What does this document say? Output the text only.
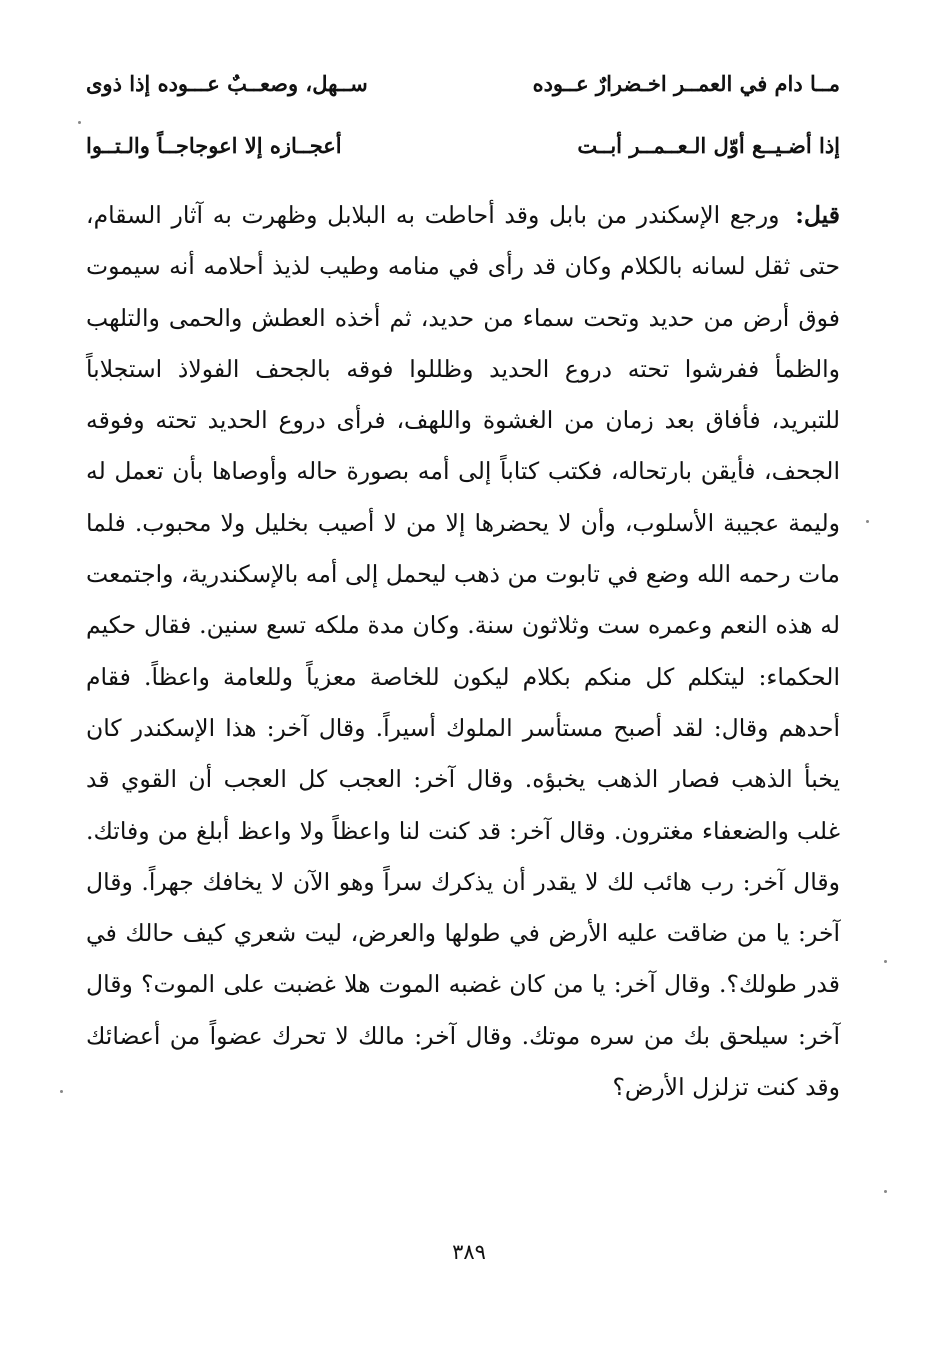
مــا دام في العمــر اخـضرارٌ عــوده
ســهل، وصعــبٌ عـــوده إذا ذوى
إذا أضـيــع أوّل الـعــمــر أبــت
أعجــازه إلا اعوجاجــاً والـتــوا
قيل: ورجع الإسكندر من بابل وقد أحاطت به البلابل وظهرت به آثار السقام، حتى ثقل لسانه بالكلام وكان قد رأى في منامه وطيب لذيذ أحلامه أنه سيموت فوق أرض من حديد وتحت سماء من حديد، ثم أخذه العطش والحمى والتلهب والظمأ ففرشوا تحته دروع الحديد وظللوا فوقه بالجحف الفولاذ استجلاباً للتبريد، فأفاق بعد زمان من الغشوة واللهف، فرأى دروع الحديد تحته وفوقه الجحف، فأيقن بارتحاله، فكتب كتاباً إلى أمه بصورة حاله وأوصاها بأن تعمل له وليمة عجيبة الأسلوب، وأن لا يحضرها إلا من لا أصيب بخليل ولا محبوب. فلما مات رحمه الله وضع في تابوت من ذهب ليحمل إلى أمه بالإسكندرية، واجتمعت له هذه النعم وعمره ست وثلاثون سنة. وكان مدة ملكه تسع سنين. فقال حكيم الحكماء: ليتكلم كل منكم بكلام ليكون للخاصة معزياً وللعامة واعظاً. فقام أحدهم وقال: لقد أصبح مستأسر الملوك أسيراً. وقال آخر: هذا الإسكندر كان يخبأ الذهب فصار الذهب يخبؤه. وقال آخر: العجب كل العجب أن القوي قد غلب والضعفاء مغترون. وقال آخر: قد كنت لنا واعظاً ولا واعظ أبلغ من وفاتك. وقال آخر: رب هائب لك لا يقدر أن يذكرك سراً وهو الآن لا يخافك جهراً. وقال آخر: يا من ضاقت عليه الأرض في طولها والعرض، ليت شعري كيف حالك في قدر طولك؟. وقال آخر: يا من كان غضبه الموت هلا غضبت على الموت؟ وقال آخر: سيلحق بك من سره موتك. وقال آخر: مالك لا تحرك عضواً من أعضائك وقد كنت تزلزل الأرض؟
٣٨٩
